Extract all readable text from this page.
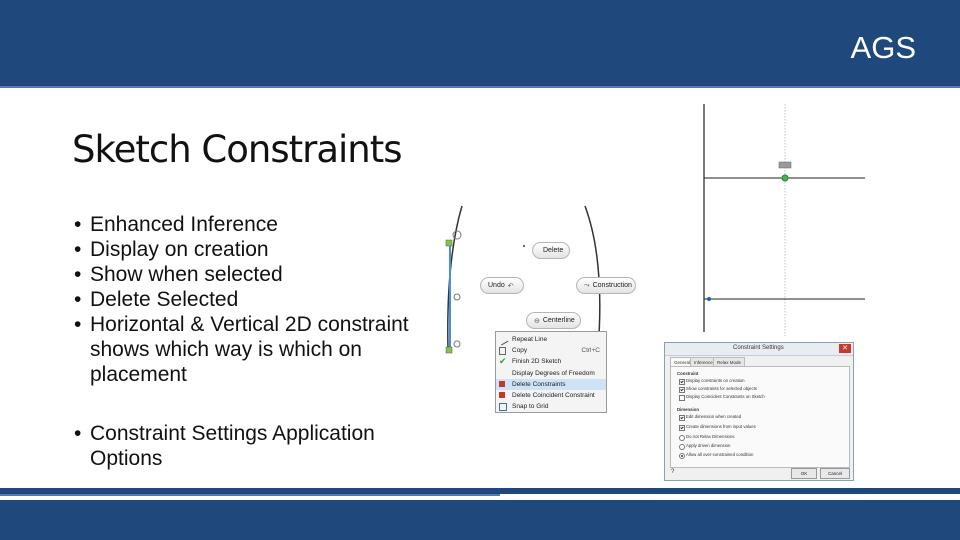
AGS
Sketch Constraints
• Enhanced Inference
• Display on creation
• Show when selected
• Delete Selected
• Horizontal & Vertical 2D constraint shows which way is which on placement
• Constraint Settings Application Options
Delete
Undo ↶	⤳ Construction
⊖ Centerline
Repeat Line
Copy	Ctrl+C
✔ Finish 2D Sketch
Display Degrees of Freedom
Delete Constraints
Delete Coincident Constraint
Snap to Grid
Constraint Settings	✕
General Inference Relax Mode
Constraint
Display constraints on creation
Show constraints for selected objects
Display Coincident Constraints on Sketch
Dimension
Edit dimension when created
Create dimensions from input values
Do not Relax Dimensions
Apply driven dimension
Allow all over-constrained condition
?	OK	Cancel
